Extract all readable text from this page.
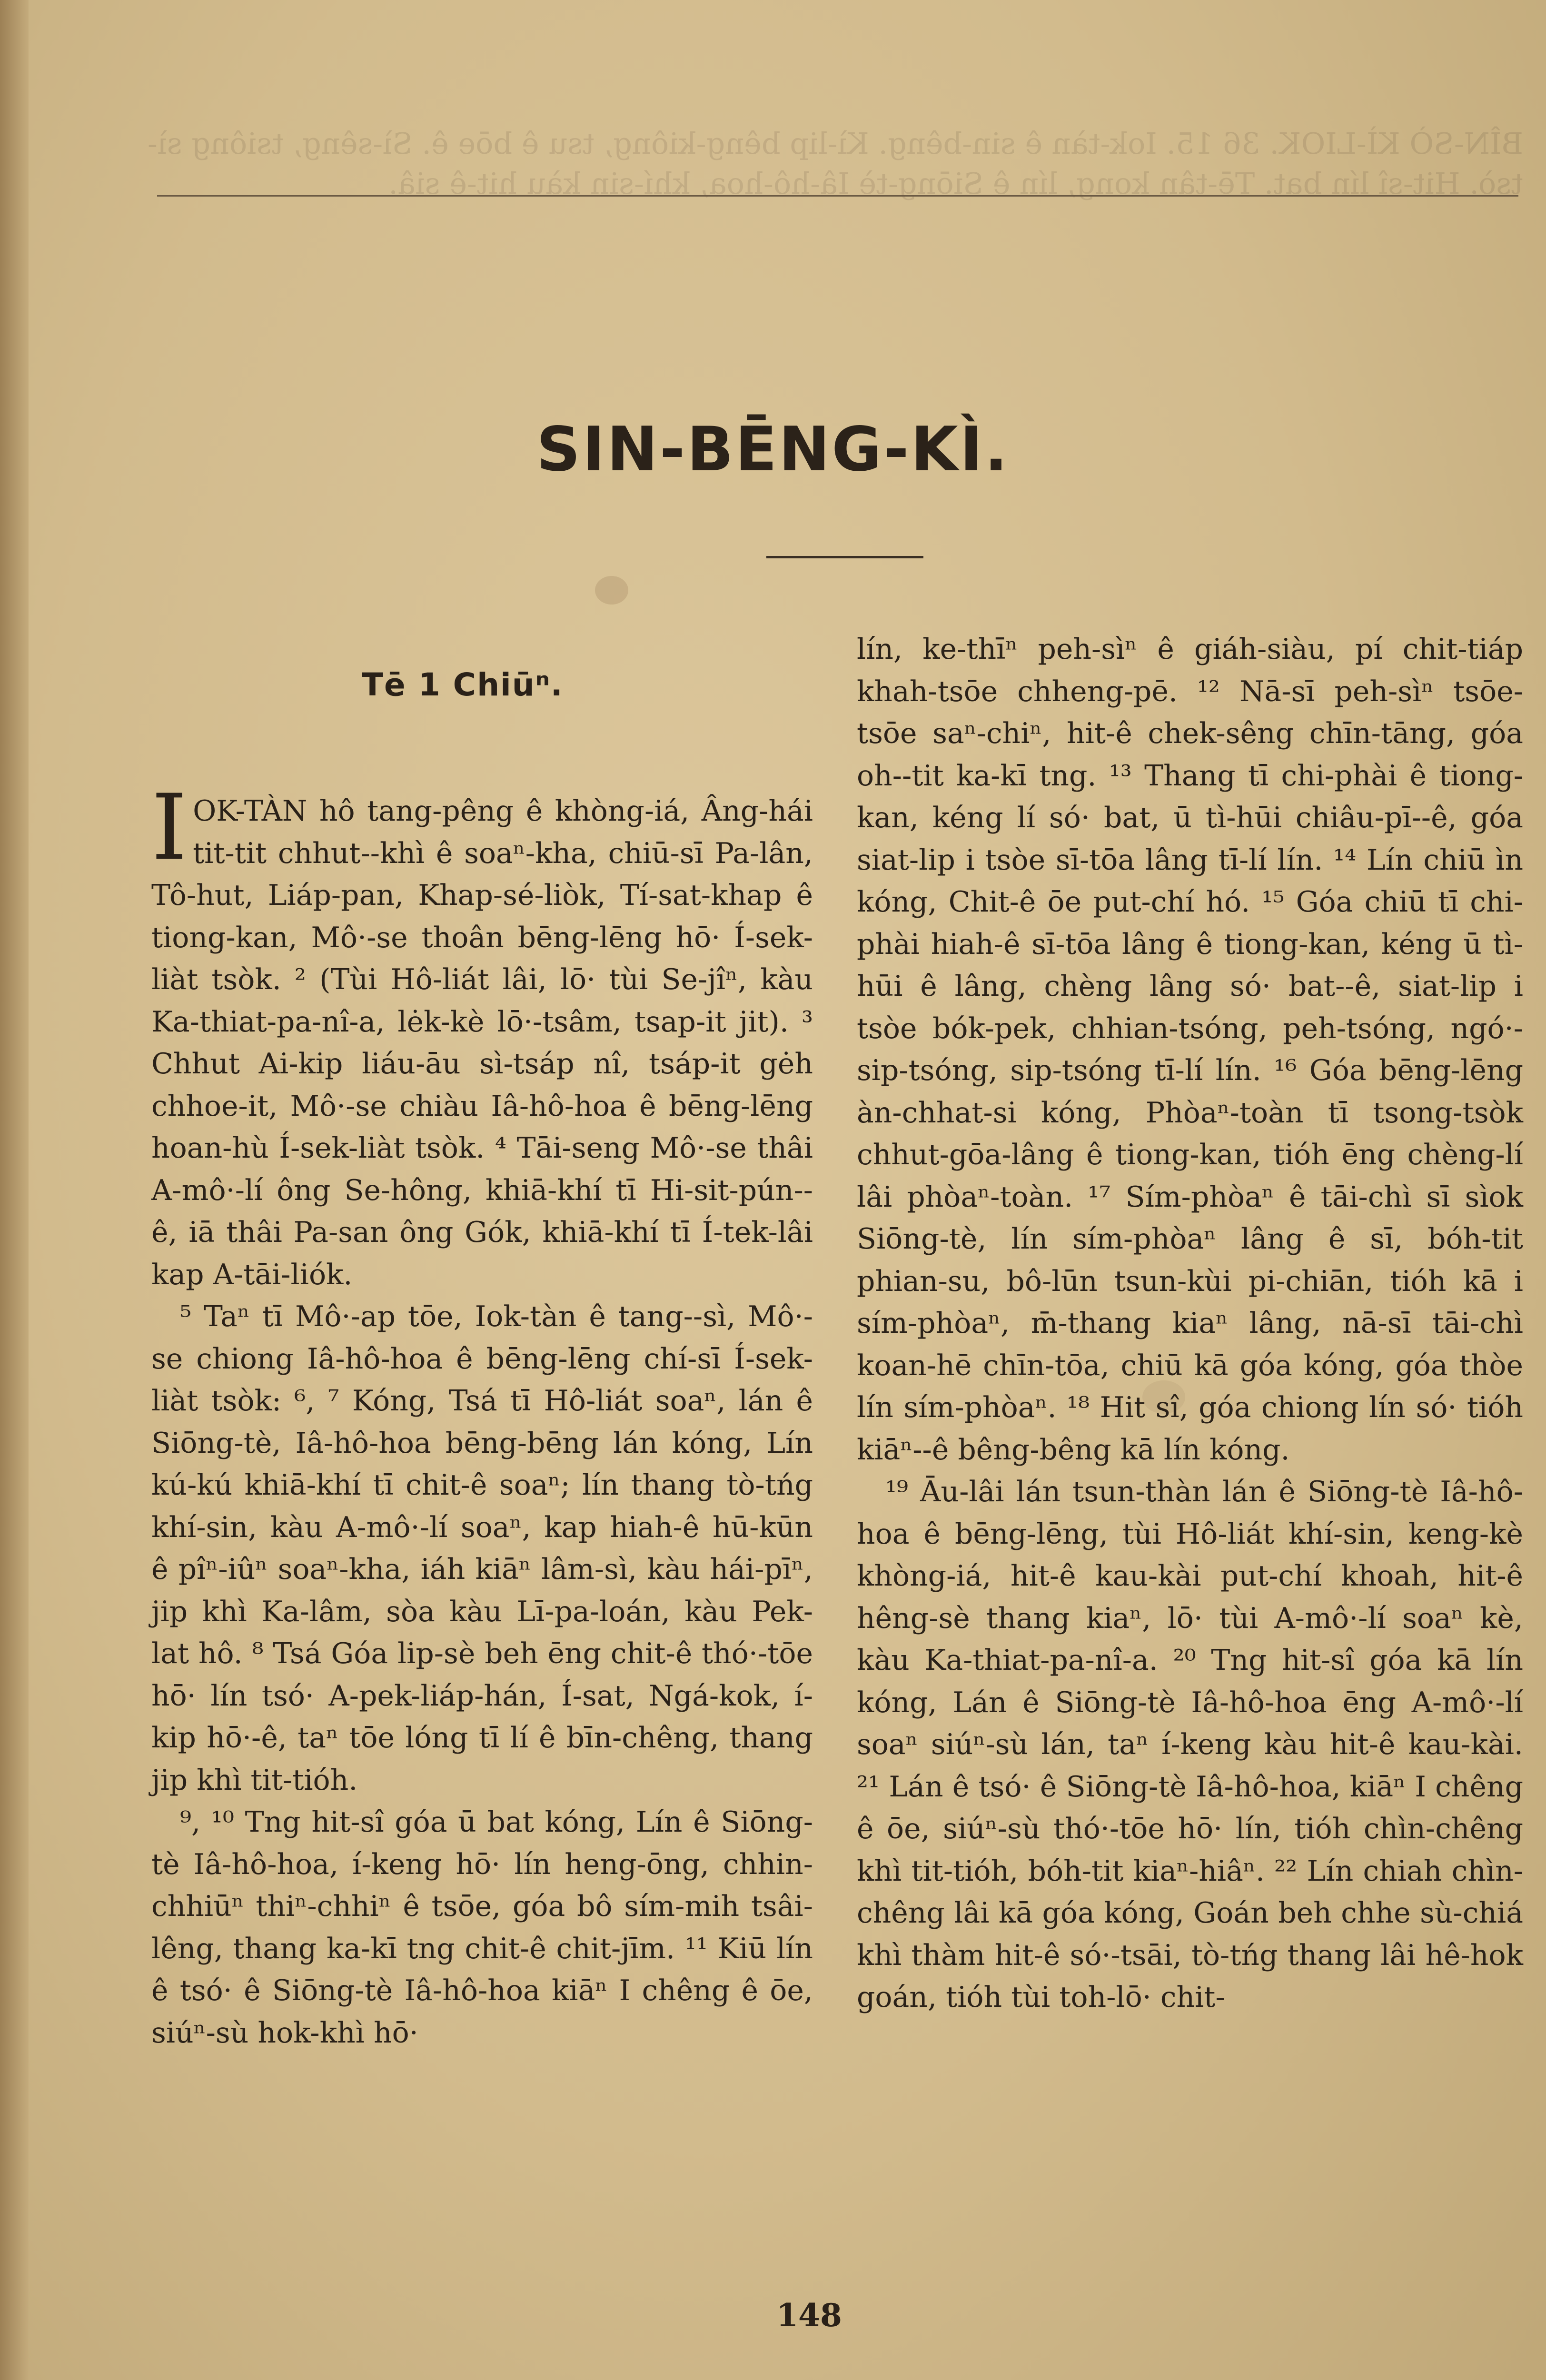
BÎN-SÒ KÌ-LIOK. 36 15. Iok-tàn ê sin-bêng. Kì-lip bêng-kiông, tsu ê bōe ê. Sì-sêng, tsiông sì-tsò. Hit-sî lín bat. Tē-tân kong, lín ê Siōng-tè Iâ-hô-hoa, khí-sin kàu hit-ê siâ.
SIN-BĒNG-KÌ.
Tē 1 Chiūⁿ.

IOK-TÀN hô tang-pêng ê khòng-iá, Âng-hái tit-tit chhut--khì ê soaⁿ-kha, chiū-sī Pa-lân, Tô-hut, Liáp-pan, Khap-sé-liòk, Tí-sat-khap ê tiong-kan, Mô·-se thoân bēng-lēng hō· Í-sek-liàt tsòk. ² (Tùi Hô-liát lâi, lō· tùi Se-jîⁿ, kàu Ka-thiat-pa-nî-a, lėk-kè lō·-tsâm, tsap-it jit). ³ Chhut Ai-kip liáu-āu sì-tsáp nî, tsáp-it gėh chhoe-it, Mô·-se chiàu Iâ-hô-hoa ê bēng-lēng hoan-hù Í-sek-liàt tsòk. ⁴ Tāi-seng Mô·-se thâi A-mô·-lí ông Se-hông, khiā-khí tī Hi-sit-pún--ê, iā thâi Pa-san ông Gók, khiā-khí tī Í-tek-lâi kap A-tāi-liók.

⁵ Taⁿ tī Mô·-ap tōe, Iok-tàn ê tang--sì, Mô·-se chiong Iâ-hô-hoa ê bēng-lēng chí-sī Í-sek-liàt tsòk: ⁶, ⁷ Kóng, Tsá tī Hô-liát soaⁿ, lán ê Siōng-tè, Iâ-hô-hoa bēng-bēng lán kóng, Lín kú-kú khiā-khí tī chit-ê soaⁿ; lín thang tò-tńg khí-sin, kàu A-mô·-lí soaⁿ, kap hiah-ê hū-kūn ê pîⁿ-iûⁿ soaⁿ-kha, iáh kiāⁿ lâm-sì, kàu hái-pīⁿ, jip khì Ka-lâm, sòa kàu Lī-pa-loán, kàu Pek-lat hô. ⁸ Tsá Góa lip-sè beh ēng chit-ê thó·-tōe hō· lín tsó· A-pek-liáp-hán, Í-sat, Ngá-kok, í-kip hō·-ê, taⁿ tōe lóng tī lí ê bīn-chêng, thang jip khì tit-tióh.

⁹, ¹⁰ Tng hit-sî góa ū bat kóng, Lín ê Siōng-tè Iâ-hô-hoa, í-keng hō· lín heng-ōng, chhin-chhiūⁿ thiⁿ-chhiⁿ ê tsōe, góa bô sím-mih tsâi-lêng, thang ka-kī tng chit-ê chit-jīm. ¹¹ Kiū lín ê tsó· ê Siōng-tè Iâ-hô-hoa kiāⁿ I chêng ê ōe, siúⁿ-sù hok-khì hō·

lín, ke-thīⁿ peh-sìⁿ ê giáh-siàu, pí chit-tiáp khah-tsōe chheng-pē. ¹² Nā-sī peh-sìⁿ tsōe-tsōe saⁿ-chiⁿ, hit-ê chek-sêng chīn-tāng, góa oh--tit ka-kī tng. ¹³ Thang tī chi-phài ê tiong-kan, kéng lí só· bat, ū tì-hūi chiâu-pī--ê, góa siat-lip i tsòe sī-tōa lâng tī-lí lín. ¹⁴ Lín chiū ìn kóng, Chit-ê ōe put-chí hó. ¹⁵ Góa chiū tī chi-phài hiah-ê sī-tōa lâng ê tiong-kan, kéng ū tì-hūi ê lâng, chèng lâng só· bat--ê, siat-lip i tsòe bók-pek, chhian-tsóng, peh-tsóng, ngó·-sip-tsóng, sip-tsóng tī-lí lín. ¹⁶ Góa bēng-lēng àn-chhat-si kóng, Phòaⁿ-toàn tī tsong-tsòk chhut-gōa-lâng ê tiong-kan, tióh ēng chèng-lí lâi phòaⁿ-toàn. ¹⁷ Sím-phòaⁿ ê tāi-chì sī sìok Siōng-tè, lín sím-phòaⁿ lâng ê sī, bóh-tit phian-su, bô-lūn tsun-kùi pi-chiān, tióh kā i sím-phòaⁿ, m̄-thang kiaⁿ lâng, nā-sī tāi-chì koan-hē chīn-tōa, chiū kā góa kóng, góa thòe lín sím-phòaⁿ. ¹⁸ Hit sî, góa chiong lín só· tióh kiāⁿ--ê bêng-bêng kā lín kóng.

¹⁹ Āu-lâi lán tsun-thàn lán ê Siōng-tè Iâ-hô-hoa ê bēng-lēng, tùi Hô-liát khí-sin, keng-kè khòng-iá, hit-ê kau-kài put-chí khoah, hit-ê hêng-sè thang kiaⁿ, lō· tùi A-mô·-lí soaⁿ kè, kàu Ka-thiat-pa-nî-a. ²⁰ Tng hit-sî góa kā lín kóng, Lán ê Siōng-tè Iâ-hô-hoa ēng A-mô·-lí soaⁿ siúⁿ-sù lán, taⁿ í-keng kàu hit-ê kau-kài. ²¹ Lán ê tsó· ê Siōng-tè Iâ-hô-hoa, kiāⁿ I chêng ê ōe, siúⁿ-sù thó·-tōe hō· lín, tióh chìn-chêng khì tit-tióh, bóh-tit kiaⁿ-hiâⁿ. ²² Lín chiah chìn-chêng lâi kā góa kóng, Goán beh chhe sù-chiá khì thàm hit-ê só·-tsāi, tò-tńg thang lâi hê-hok goán, tióh tùi toh-lō· chit-

148
